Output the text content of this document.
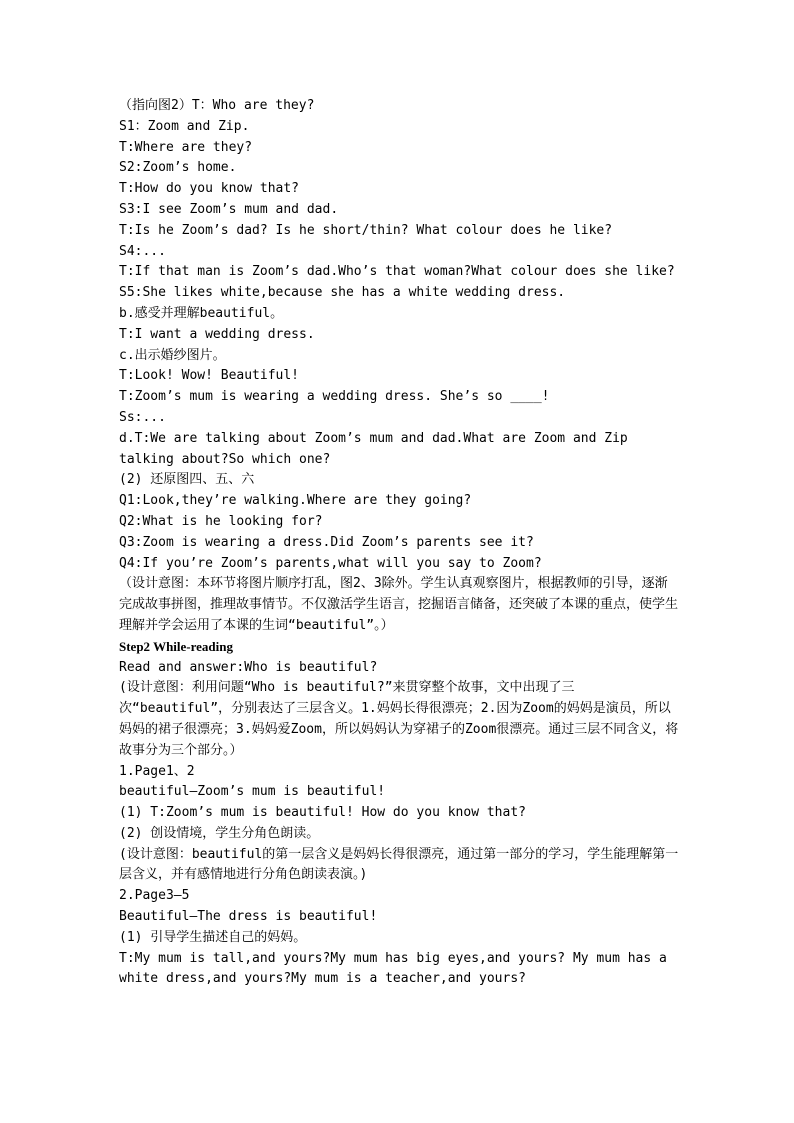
（指向图2）T：Who are they?

S1：Zoom and Zip.

T:Where are they?

S2:Zoom’s home.

T:How do you know that?

S3:I see Zoom’s mum and dad.

T:Is he Zoom’s dad? Is he short/thin? What colour does he like?

S4:...

T:If that man is Zoom’s dad.Who’s that woman?What colour does she like?

S5:She likes white,because she has a white wedding dress.

b.感受并理解beautiful。

T:I want a wedding dress.

c.出示婚纱图片。

T:Look! Wow! Beautiful!

T:Zoom’s mum is wearing a wedding dress. She’s so ____!

Ss:...

d.T:We are talking about Zoom’s mum and dad.What are Zoom and Zip talking about?So which one?

(2) 还原图四、五、六

Q1:Look,they’re walking.Where are they going?

Q2:What is he looking for?

Q3:Zoom is wearing a dress.Did Zoom’s parents see it?

Q4:If you’re Zoom’s parents,what will you say to Zoom?

（设计意图：本环节将图片顺序打乱，图2、3除外。学生认真观察图片，根据教师的引导，逐渐完成故事拼图，推理故事情节。不仅激活学生语言，挖掘语言储备，还突破了本课的重点，使学生理解并学会运用了本课的生词“beautiful”。）

Step2 While-reading

Read and answer:Who is beautiful?

(设计意图：利用问题“Who is beautiful?”来贯穿整个故事，文中出现了三次“beautiful”，分别表达了三层含义。1.妈妈长得很漂亮；2.因为Zoom的妈妈是演员，所以妈妈的裙子很漂亮；3.妈妈爱Zoom，所以妈妈认为穿裙子的Zoom很漂亮。通过三层不同含义，将故事分为三个部分。）

1.Page1、2

beautiful—Zoom’s mum is beautiful!

(1) T:Zoom’s mum is beautiful! How do you know that?

(2) 创设情境，学生分角色朗读。

(设计意图：beautiful的第一层含义是妈妈长得很漂亮，通过第一部分的学习，学生能理解第一层含义，并有感情地进行分角色朗读表演。)

2.Page3—5

Beautiful—The dress is beautiful!

(1) 引导学生描述自己的妈妈。

T:My mum is tall,and yours?My mum has big eyes,and yours? My mum has a white dress,and yours?My mum is a teacher,and yours?
